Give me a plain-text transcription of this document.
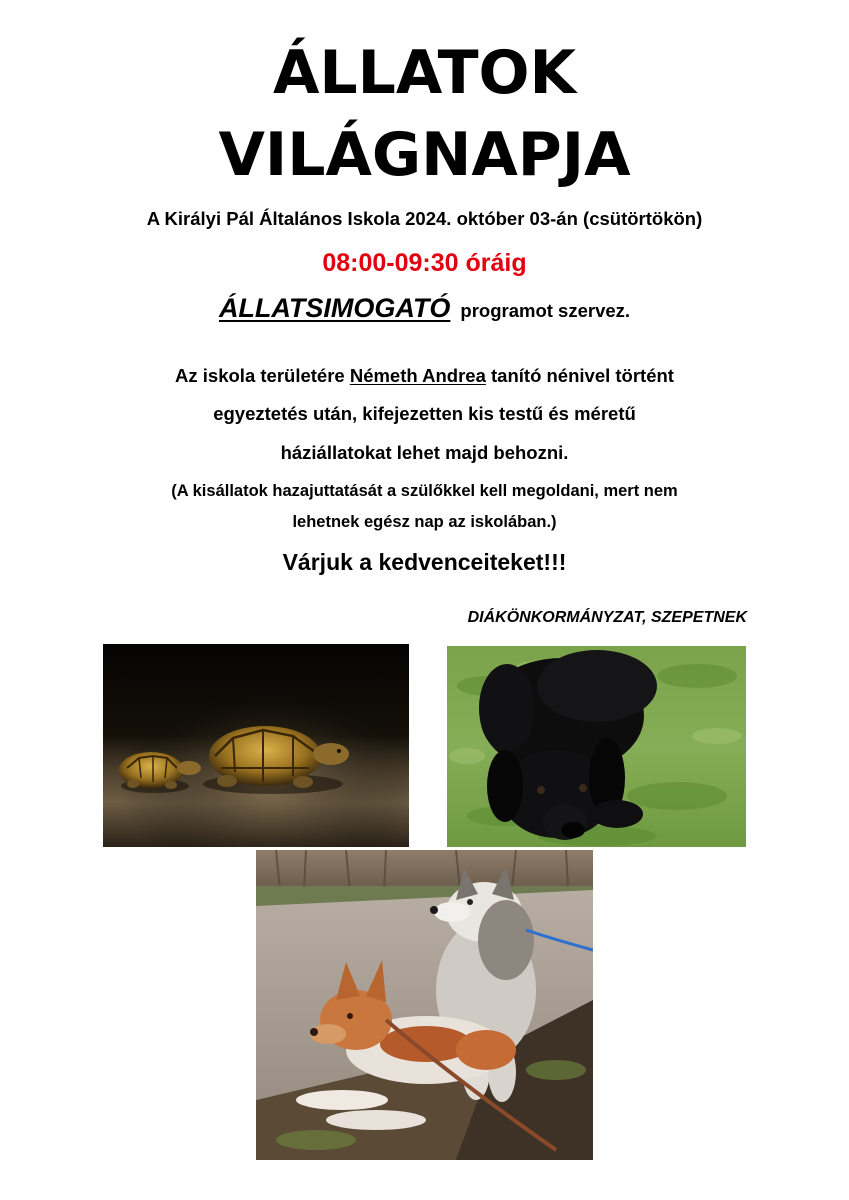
ÁLLATOK
VILÁGNAPJA
A Királyi Pál Általános Iskola 2024. október 03-án (csütörtökön)
08:00-09:30 óráig
ÁLLATSIMOGATÓ programot szervez.
Az iskola területére Németh Andrea tanító nénivel történt
egyeztetés után, kifejezetten kis testű és méretű
háziállatokat lehet majd behozni.
(A kisállatok hazajuttatását a szülőkkel kell megoldani, mert nem
lehetnek egész nap az iskolában.)
Várjuk a kedvenceiteket!!!
DIÁKÖNKORMÁNYZAT, SZEPETNEK
